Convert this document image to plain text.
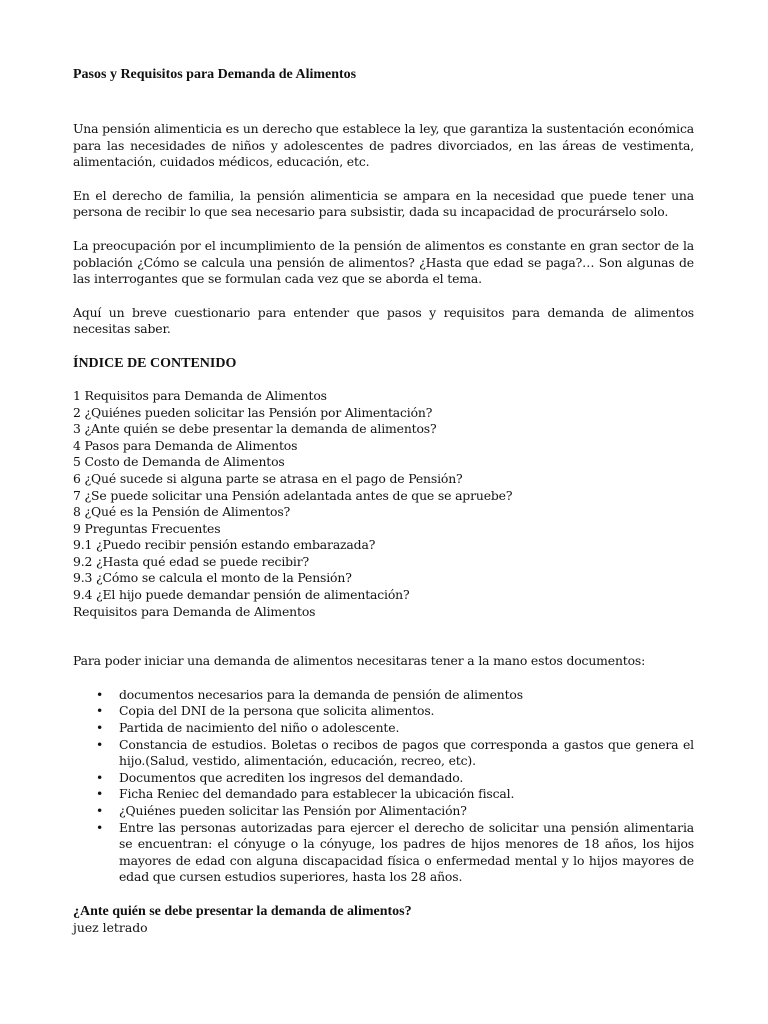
Pasos y Requisitos para Demanda de Alimentos

Una pensión alimenticia es un derecho que establece la ley, que garantiza la sustentación económica para las necesidades de niños y adolescentes de padres divorciados, en las áreas de vestimenta, alimentación, cuidados médicos, educación, etc.

En el derecho de familia, la pensión alimenticia se ampara en la necesidad que puede tener una persona de recibir lo que sea necesario para subsistir, dada su incapacidad de procurárselo solo.

La preocupación por el incumplimiento de la pensión de alimentos es constante en gran sector de la población ¿Cómo se calcula una pensión de alimentos? ¿Hasta que edad se paga?… Son algunas de las interrogantes que se formulan cada vez que se aborda el tema.

Aquí un breve cuestionario para entender que pasos y requisitos para demanda de alimentos necesitas saber.

ÍNDICE DE CONTENIDO

1 Requisitos para Demanda de Alimentos
2 ¿Quiénes pueden solicitar las Pensión por Alimentación?
3 ¿Ante quién se debe presentar la demanda de alimentos?
4 Pasos para Demanda de Alimentos
5 Costo de Demanda de Alimentos
6 ¿Qué sucede si alguna parte se atrasa en el pago de Pensión?
7 ¿Se puede solicitar una Pensión adelantada antes de que se apruebe?
8 ¿Qué es la Pensión de Alimentos?
9 Preguntas Frecuentes
9.1 ¿Puedo recibir pensión estando embarazada?
9.2 ¿Hasta qué edad se puede recibir?
9.3 ¿Cómo se calcula el monto de la Pensión?
9.4 ¿El hijo puede demandar pensión de alimentación?
Requisitos para Demanda de Alimentos

Para poder iniciar una demanda de alimentos necesitaras tener a la mano estos documentos:

• documentos necesarios para la demanda de pensión de alimentos
• Copia del DNI de la persona que solicita alimentos.
• Partida de nacimiento del niño o adolescente.
• Constancia de estudios. Boletas o recibos de pagos que corresponda a gastos que genera el hijo.(Salud, vestido, alimentación, educación, recreo, etc).
• Documentos que acrediten los ingresos del demandado.
• Ficha Reniec del demandado para establecer la ubicación fiscal.
• ¿Quiénes pueden solicitar las Pensión por Alimentación?
• Entre las personas autorizadas para ejercer el derecho de solicitar una pensión alimentaria se encuentran: el cónyuge o la cónyuge, los padres de hijos menores de 18 años, los hijos mayores de edad con alguna discapacidad física o enfermedad mental y lo hijos mayores de edad que cursen estudios superiores, hasta los 28 años.

¿Ante quién se debe presentar la demanda de alimentos?

juez letrado
